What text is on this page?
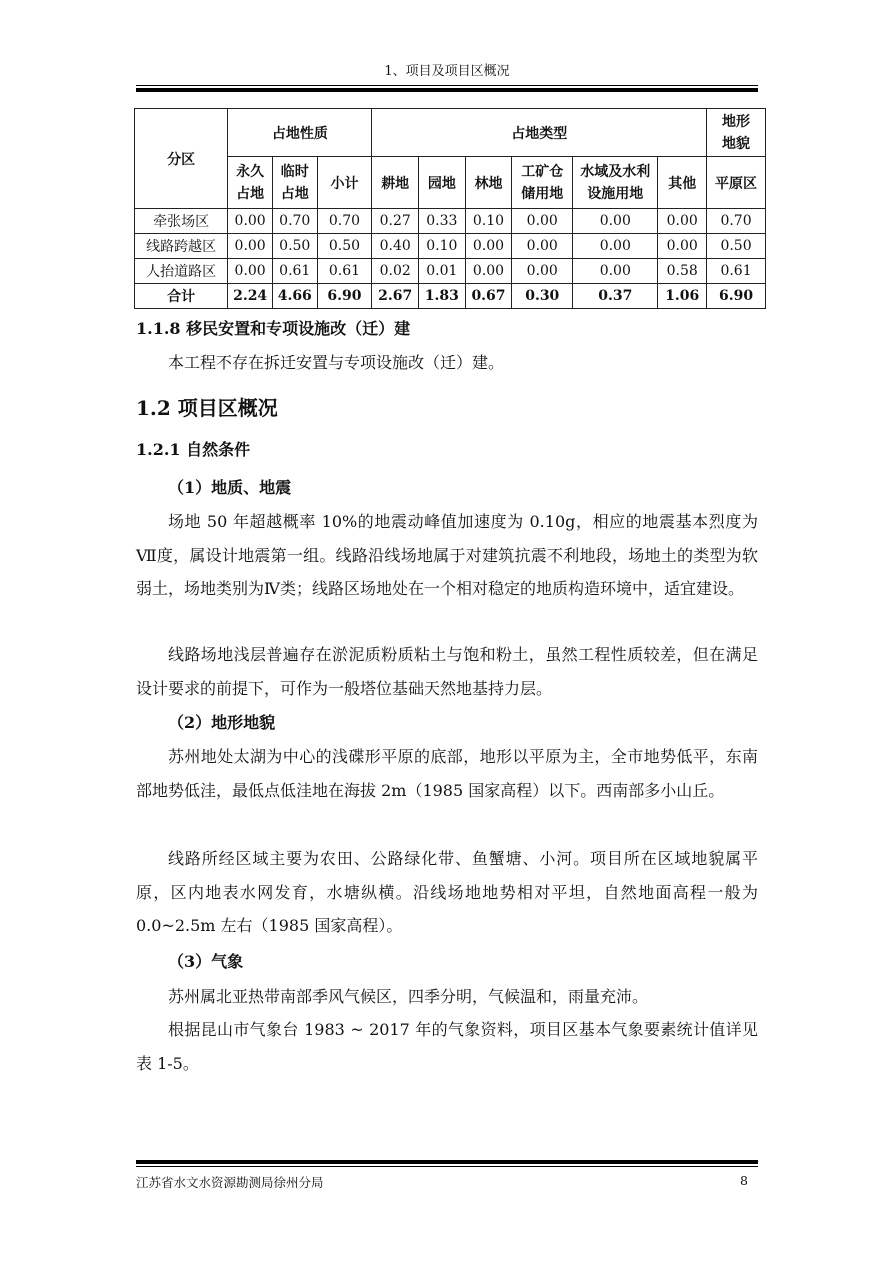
1、项目及项目区概况
分区	占地性质			占地类型						地形地貌
	永久占地	临时占地	小计	耕地	园地	林地	工矿仓储用地	水域及水利设施用地	其他	平原区
牵张场区	0.00	0.70	0.70	0.27	0.33	0.10	0.00	0.00	0.00	0.70
线路跨越区	0.00	0.50	0.50	0.40	0.10	0.00	0.00	0.00	0.00	0.50
人抬道路区	0.00	0.61	0.61	0.02	0.01	0.00	0.00	0.00	0.58	0.61
合计	2.24	4.66	6.90	2.67	1.83	0.67	0.30	0.37	1.06	6.90
1.1.8 移民安置和专项设施改（迁）建
本工程不存在拆迁安置与专项设施改（迁）建。
1.2 项目区概况
1.2.1 自然条件
（1）地质、地震
场地 50 年超越概率 10%的地震动峰值加速度为 0.10g，相应的地震基本烈度为Ⅶ度，属设计地震第一组。线路沿线场地属于对建筑抗震不利地段，场地土的类型为软弱土，场地类别为Ⅳ类；线路区场地处在一个相对稳定的地质构造环境中，适宜建设。
线路场地浅层普遍存在淤泥质粉质粘土与饱和粉土，虽然工程性质较差，但在满足设计要求的前提下，可作为一般塔位基础天然地基持力层。
（2）地形地貌
苏州地处太湖为中心的浅碟形平原的底部，地形以平原为主，全市地势低平，东南部地势低洼，最低点低洼地在海拔 2m（1985 国家高程）以下。西南部多小山丘。
线路所经区域主要为农田、公路绿化带、鱼蟹塘、小河。项目所在区域地貌属平原，区内地表水网发育，水塘纵横。沿线场地地势相对平坦，自然地面高程一般为 0.0~2.5m 左右（1985 国家高程）。
（3）气象
苏州属北亚热带南部季风气候区，四季分明，气候温和，雨量充沛。
根据昆山市气象台 1983 ~ 2017 年的气象资料，项目区基本气象要素统计值详见表 1-5。
江苏省水文水资源勘测局徐州分局	8
